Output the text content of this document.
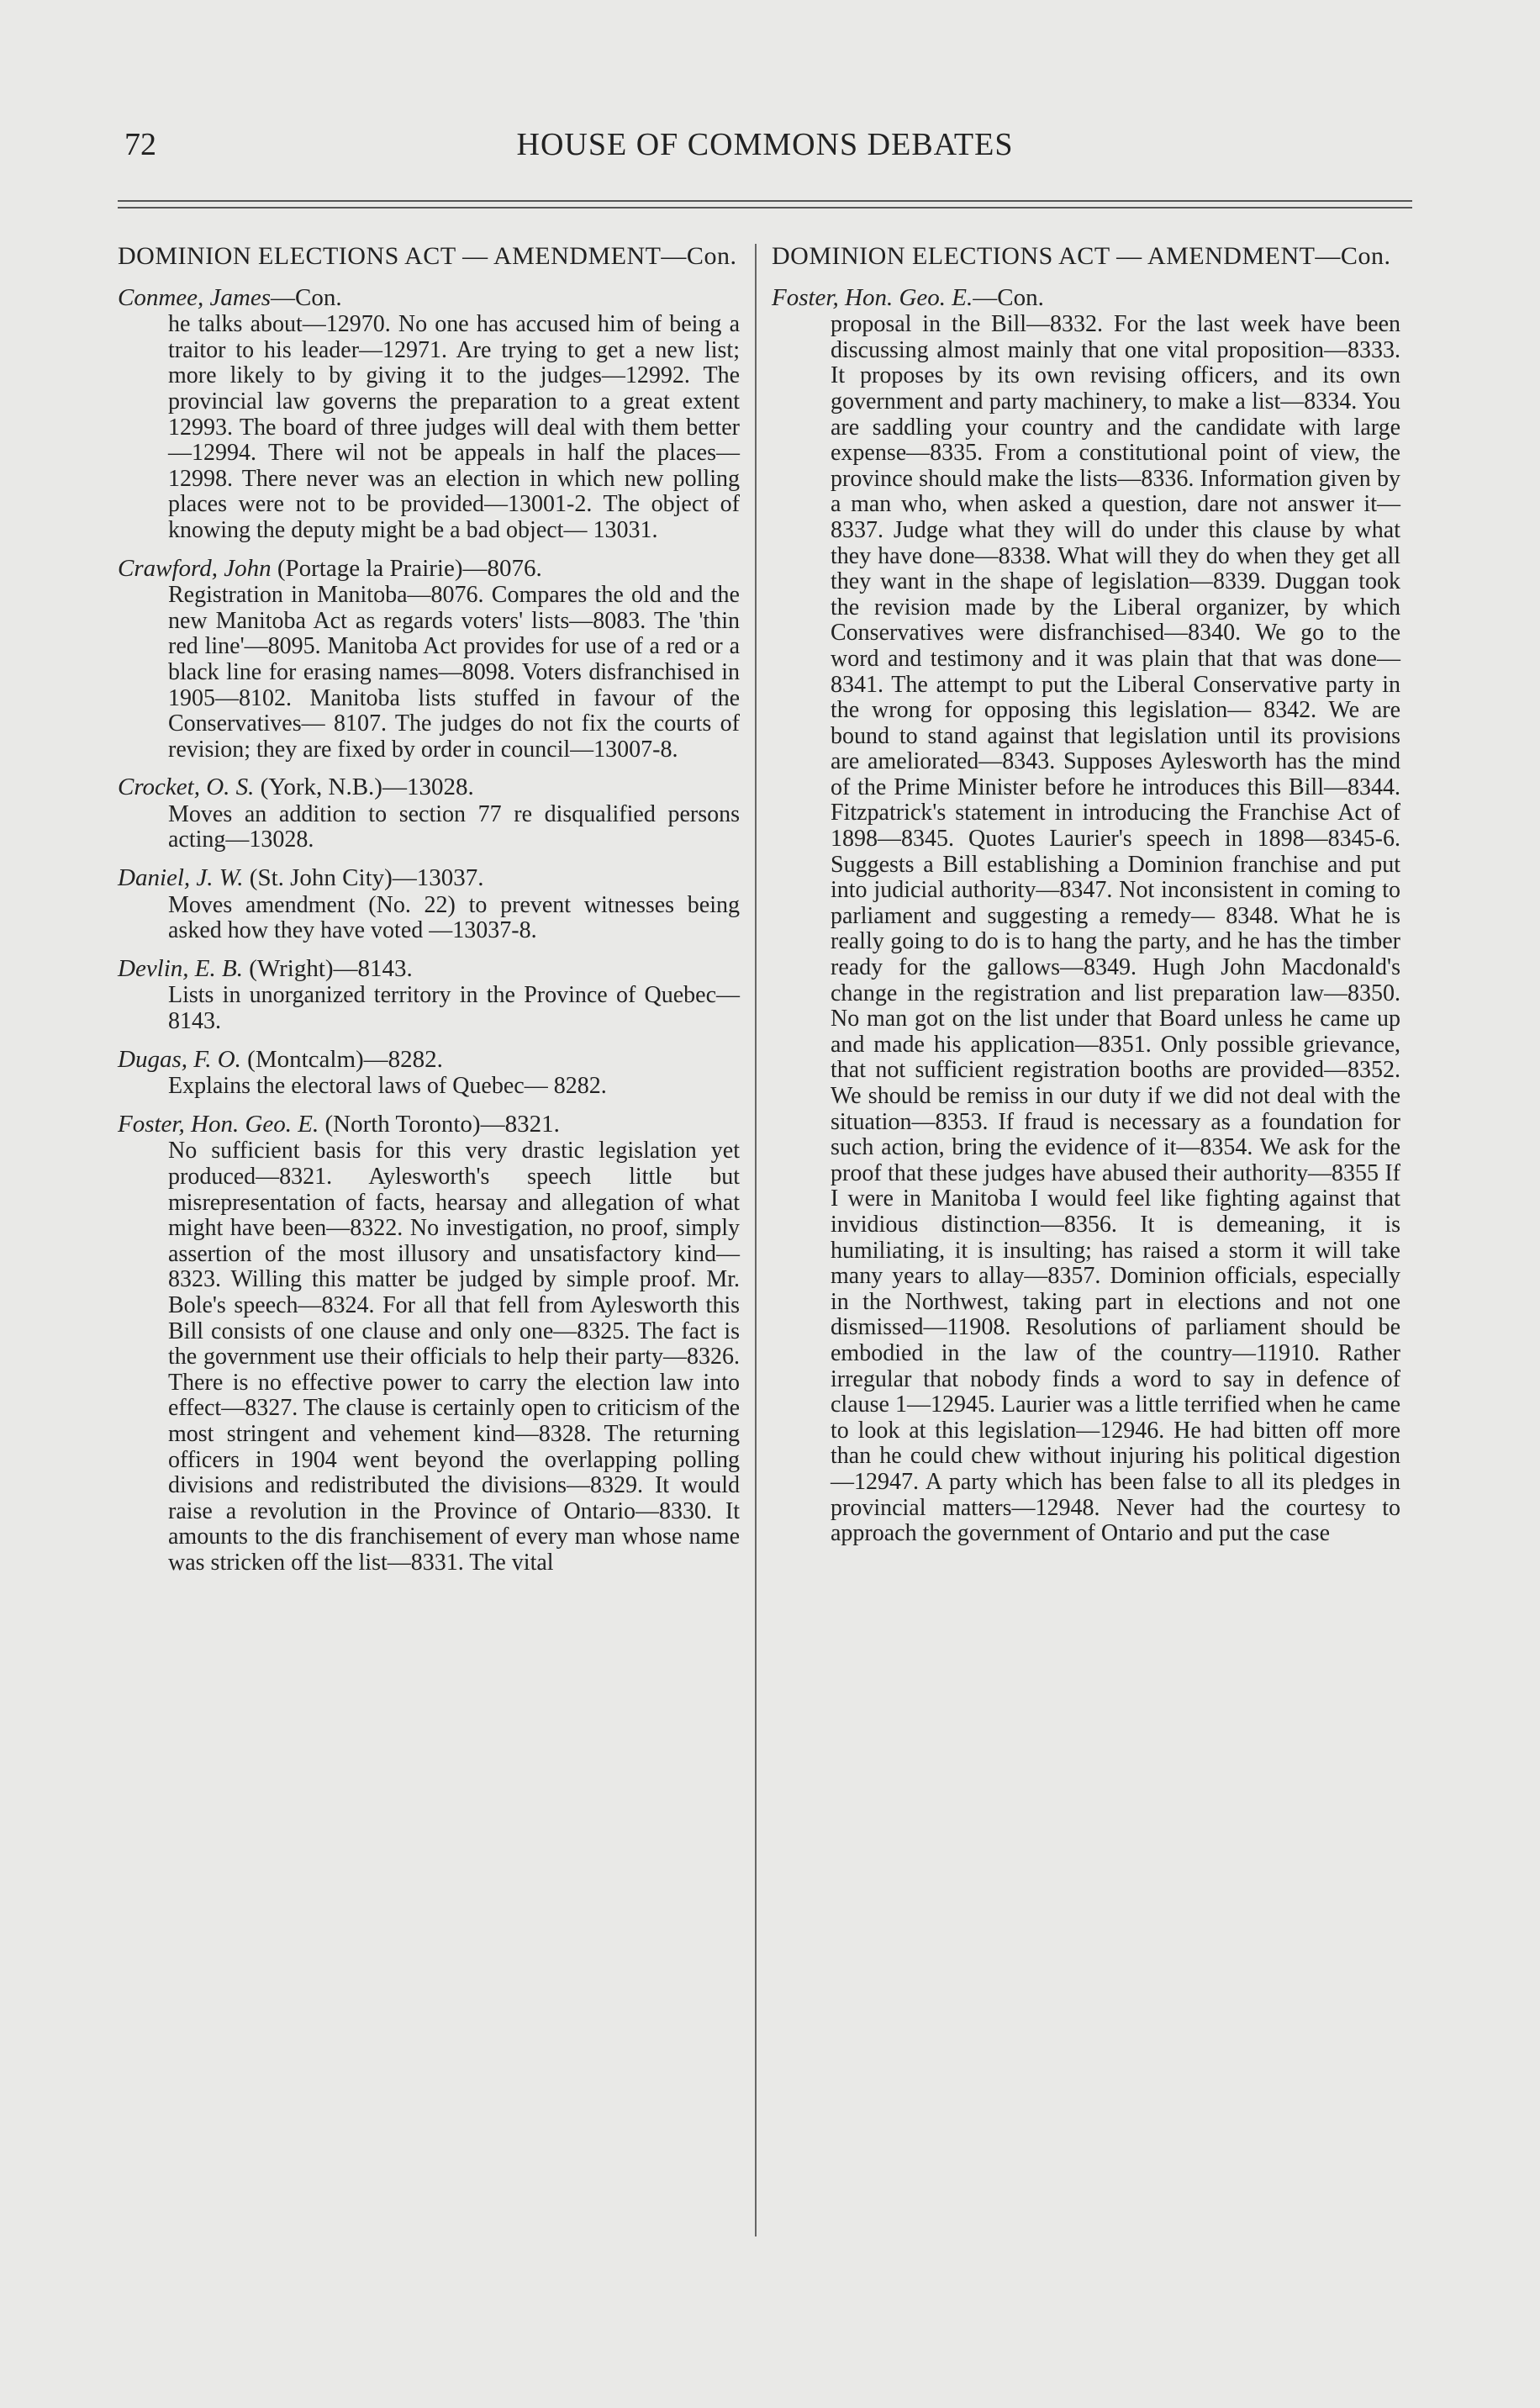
72	HOUSE OF COMMONS DEBATES

DOMINION ELECTIONS ACT — AMENDMENT—Con.

Conmee, James—Con.

he talks about—12970. No one has accused him of being a traitor to his leader—12971. Are trying to get a new list; more likely to by giving it to the judges—12992. The provincial law governs the preparation to a great extent 12993. The board of three judges will deal with them better—12994. There wil not be appeals in half the places— 12998. There never was an election in which new polling places were not to be provided—13001-2. The object of knowing the deputy might be a bad object— 13031.

Crawford, John (Portage la Prairie)—8076.

Registration in Manitoba—8076. Compares the old and the new Manitoba Act as regards voters' lists—8083. The 'thin red line'—8095. Manitoba Act provides for use of a red or a black line for erasing names—8098. Voters disfranchised in 1905—8102. Manitoba lists stuffed in favour of the Conservatives— 8107. The judges do not fix the courts of revision; they are fixed by order in council—13007-8.

Crocket, O. S. (York, N.B.)—13028.

Moves an addition to section 77 re disqualified persons acting—13028.

Daniel, J. W. (St. John City)—13037.

Moves amendment (No. 22) to prevent witnesses being asked how they have voted —13037-8.

Devlin, E. B. (Wright)—8143.

Lists in unorganized territory in the Province of Quebec—8143.

Dugas, F. O. (Montcalm)—8282.

Explains the electoral laws of Quebec— 8282.

Foster, Hon. Geo. E. (North Toronto)—8321.

No sufficient basis for this very drastic legislation yet produced—8321. Aylesworth's speech little but misrepresentation of facts, hearsay and allegation of what might have been—8322. No investigation, no proof, simply assertion of the most illusory and unsatisfactory kind—8323. Willing this matter be judged by simple proof. Mr. Bole's speech—8324. For all that fell from Aylesworth this Bill consists of one clause and only one—8325. The fact is the government use their officials to help their party—8326. There is no effective power to carry the election law into effect—8327. The clause is certainly open to criticism of the most stringent and vehement kind—8328. The returning officers in 1904 went beyond the overlapping polling divisions and redistributed the divisions—8329. It would raise a revolution in the Province of Ontario—8330. It amounts to the dis franchisement of every man whose name was stricken off the list—8331. The vital

DOMINION ELECTIONS ACT — AMENDMENT—Con.

Foster, Hon. Geo. E.—Con.

proposal in the Bill—8332. For the last week have been discussing almost mainly that one vital proposition—8333. It proposes by its own revising officers, and its own government and party machinery, to make a list—8334. You are saddling your country and the candidate with large expense—8335. From a constitutional point of view, the province should make the lists—8336. Information given by a man who, when asked a question, dare not answer it—8337. Judge what they will do under this clause by what they have done—8338. What will they do when they get all they want in the shape of legislation—8339. Duggan took the revision made by the Liberal organizer, by which Conservatives were disfranchised—8340. We go to the word and testimony and it was plain that that was done—8341. The attempt to put the Liberal Conservative party in the wrong for opposing this legislation— 8342. We are bound to stand against that legislation until its provisions are ameliorated—8343. Supposes Aylesworth has the mind of the Prime Minister before he introduces this Bill—8344. Fitzpatrick's statement in introducing the Franchise Act of 1898—8345. Quotes Laurier's speech in 1898—8345-6. Suggests a Bill establishing a Dominion franchise and put into judicial authority—8347. Not inconsistent in coming to parliament and suggesting a remedy— 8348. What he is really going to do is to hang the party, and he has the timber ready for the gallows—8349. Hugh John Macdonald's change in the registration and list preparation law—8350. No man got on the list under that Board unless he came up and made his application—8351. Only possible grievance, that not sufficient registration booths are provided—8352. We should be remiss in our duty if we did not deal with the situation—8353. If fraud is necessary as a foundation for such action, bring the evidence of it—8354. We ask for the proof that these judges have abused their authority—8355 If I were in Manitoba I would feel like fighting against that invidious distinction—8356. It is demeaning, it is humiliating, it is insulting; has raised a storm it will take many years to allay—8357. Dominion officials, especially in the Northwest, taking part in elections and not one dismissed—11908. Resolutions of parliament should be embodied in the law of the country—11910. Rather irregular that nobody finds a word to say in defence of clause 1—12945. Laurier was a little terrified when he came to look at this legislation—12946. He had bitten off more than he could chew without injuring his political digestion—12947. A party which has been false to all its pledges in provincial matters—12948. Never had the courtesy to approach the government of Ontario and put the case
